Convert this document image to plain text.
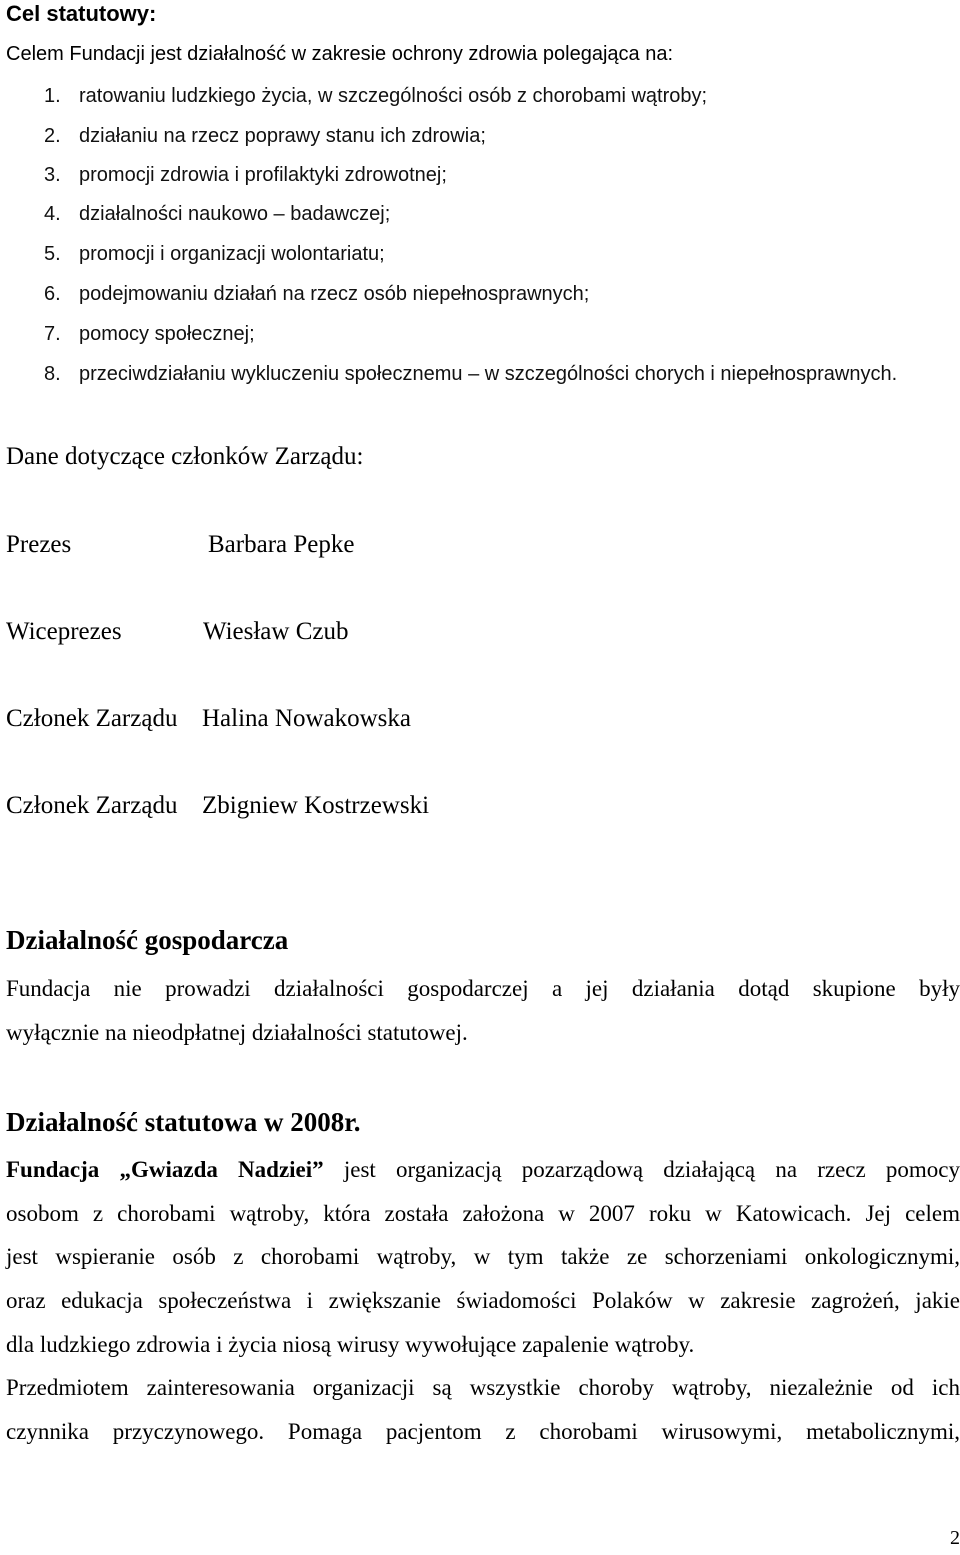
Cel statutowy:
Celem Fundacji jest działalność w zakresie ochrony zdrowia polegająca na:
1. ratowaniu ludzkiego życia, w szczególności osób z chorobami wątroby;
2. działaniu na rzecz poprawy stanu ich zdrowia;
3. promocji zdrowia i profilaktyki zdrowotnej;
4. działalności naukowo – badawczej;
5. promocji i organizacji wolontariatu;
6. podejmowaniu działań na rzecz osób niepełnosprawnych;
7. pomocy społecznej;
8. przeciwdziałaniu wykluczeniu społecznemu – w szczególności chorych i niepełnosprawnych.
Dane dotyczące członków Zarządu:
Prezes	Barbara Pepke
Wiceprezes	Wiesław Czub
Członek Zarządu Halina Nowakowska
Członek Zarządu Zbigniew Kostrzewski
Działalność gospodarcza
Fundacja nie prowadzi działalności gospodarczej a jej działania dotąd skupione były
wyłącznie na nieodpłatnej działalności statutowej.
Działalność statutowa w 2008r.
Fundacja „Gwiazda Nadziei” jest organizacją pozarządową działającą na rzecz pomocy
osobom z chorobami wątroby, która została założona w 2007 roku w Katowicach. Jej celem
jest wspieranie osób z chorobami wątroby, w tym także ze schorzeniami onkologicznymi,
oraz edukacja społeczeństwa i zwiększanie świadomości Polaków w zakresie zagrożeń, jakie
dla ludzkiego zdrowia i życia niosą wirusy wywołujące zapalenie wątroby.
Przedmiotem zainteresowania organizacji są wszystkie choroby wątroby, niezależnie od ich
czynnika przyczynowego. Pomaga pacjentom z chorobami wirusowymi, metabolicznymi,
2
